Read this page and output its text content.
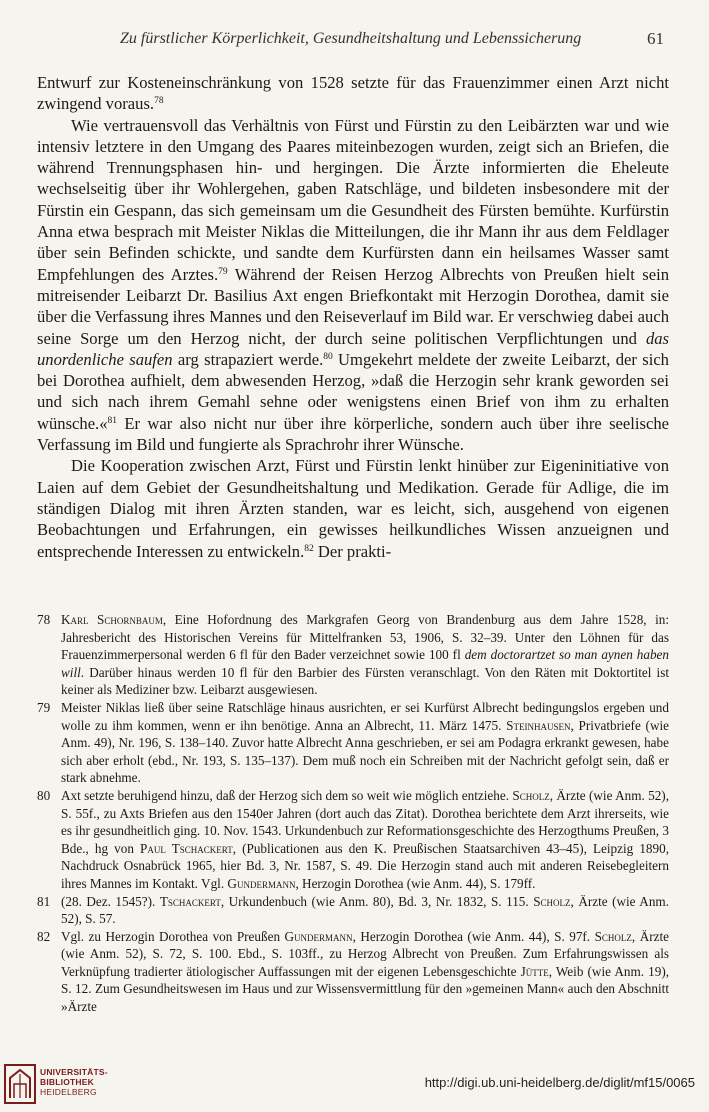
Zu fürstlicher Körperlichkeit, Gesundheitshaltung und Lebenssicherung	61

Entwurf zur Kosteneinschränkung von 1528 setzte für das Frauenzimmer einen Arzt nicht zwingend voraus.$^{78}$

Wie vertrauensvoll das Verhältnis von Fürst und Fürstin zu den Leibärzten war und wie intensiv letztere in den Umgang des Paares miteinbezogen wurden, zeigt sich an Briefen, die während Trennungsphasen hin- und hergingen. Die Ärzte informierten die Eheleute wechselseitig über ihr Wohlergehen, gaben Ratschläge, und bildeten insbesondere mit der Fürstin ein Gespann, das sich gemeinsam um die Gesundheit des Fürsten bemühte. Kurfürstin Anna etwa besprach mit Meister Niklas die Mitteilungen, die ihr Mann ihr aus dem Feldlager über sein Befinden schickte, und sandte dem Kurfürsten dann ein heilsames Wasser samt Empfehlungen des Arztes.$^{79}$ Während der Reisen Herzog Albrechts von Preußen hielt sein mitreisender Leibarzt Dr. Basilius Axt engen Briefkontakt mit Herzogin Dorothea, damit sie über die Verfassung ihres Mannes und den Reiseverlauf im Bild war. Er verschwieg dabei auch seine Sorge um den Herzog nicht, der durch seine politischen Verpflichtungen und das unordenliche saufen arg strapaziert werde.$^{80}$ Umgekehrt meldete der zweite Leibarzt, der sich bei Dorothea aufhielt, dem abwesenden Herzog, »daß die Herzogin sehr krank geworden sei und sich nach ihrem Gemahl sehne oder wenigstens einen Brief von ihm zu erhalten wünsche.«$^{81}$ Er war also nicht nur über ihre körperliche, sondern auch über ihre seelische Verfassung im Bild und fungierte als Sprachrohr ihrer Wünsche.

Die Kooperation zwischen Arzt, Fürst und Fürstin lenkt hinüber zur Eigeninitiative von Laien auf dem Gebiet der Gesundheitshaltung und Medikation. Gerade für Adlige, die im ständigen Dialog mit ihren Ärzten standen, war es leicht, sich, ausgehend von eigenen Beobachtungen und Erfahrungen, ein gewisses heilkundliches Wissen anzueignen und entsprechende Interessen zu entwickeln.$^{82}$ Der prakti-

78 Karl Schornbaum, Eine Hofordnung des Markgrafen Georg von Brandenburg aus dem Jahre 1528, in: Jahresbericht des Historischen Vereins für Mittelfranken 53, 1906, S. 32–39. Unter den Löhnen für das Frauenzimmerpersonal werden 6 fl für den Bader verzeichnet sowie 100 fl dem doctorartzet so man aynen haben will. Darüber hinaus werden 10 fl für den Barbier des Fürsten veranschlagt. Von den Räten mit Doktortitel ist keiner als Mediziner bzw. Leibarzt ausgewiesen.
79 Meister Niklas ließ über seine Ratschläge hinaus ausrichten, er sei Kurfürst Albrecht bedingungslos ergeben und wolle zu ihm kommen, wenn er ihn benötige. Anna an Albrecht, 11. März 1475. Steinhausen, Privatbriefe (wie Anm. 49), Nr. 196, S. 138–140. Zuvor hatte Albrecht Anna geschrieben, er sei am Podagra erkrankt gewesen, habe sich aber erholt (ebd., Nr. 193, S. 135–137). Dem muß noch ein Schreiben mit der Nachricht gefolgt sein, daß er stark abnehme.
80 Axt setzte beruhigend hinzu, daß der Herzog sich dem so weit wie möglich entziehe. Scholz, Ärzte (wie Anm. 52), S. 55f., zu Axts Briefen aus den 1540er Jahren (dort auch das Zitat). Dorothea berichtete dem Arzt ihrerseits, wie es ihr gesundheitlich ging. 10. Nov. 1543. Urkundenbuch zur Reformationsgeschichte des Herzogthums Preußen, 3 Bde., hg von Paul Tschackert, (Publicationen aus den K. Preußischen Staatsarchiven 43–45), Leipzig 1890, Nachdruck Osnabrück 1965, hier Bd. 3, Nr. 1587, S. 49. Die Herzogin stand auch mit anderen Reisebegleitern ihres Mannes im Kontakt. Vgl. Gundermann, Herzogin Dorothea (wie Anm. 44), S. 179ff.
81 (28. Dez. 1545?). Tschackert, Urkundenbuch (wie Anm. 80), Bd. 3, Nr. 1832, S. 115. Scholz, Ärzte (wie Anm. 52), S. 57.
82 Vgl. zu Herzogin Dorothea von Preußen Gundermann, Herzogin Dorothea (wie Anm. 44), S. 97f. Scholz, Ärzte (wie Anm. 52), S. 72, S. 100. Ebd., S. 103ff., zu Herzog Albrecht von Preußen. Zum Erfahrungswissen als Verknüpfung tradierter ätiologischer Auffassungen mit der eigenen Lebensgeschichte Jütte, Weib (wie Anm. 19), S. 12. Zum Gesundheitswesen im Haus und zur Wissensvermittlung für den »gemeinen Mann« auch den Abschnitt »Ärzte
UNIVERSITÄTS-
BIBLIOTHEK
HEIDELBERG
http://digi.ub.uni-heidelberg.de/diglit/mf15/0065
